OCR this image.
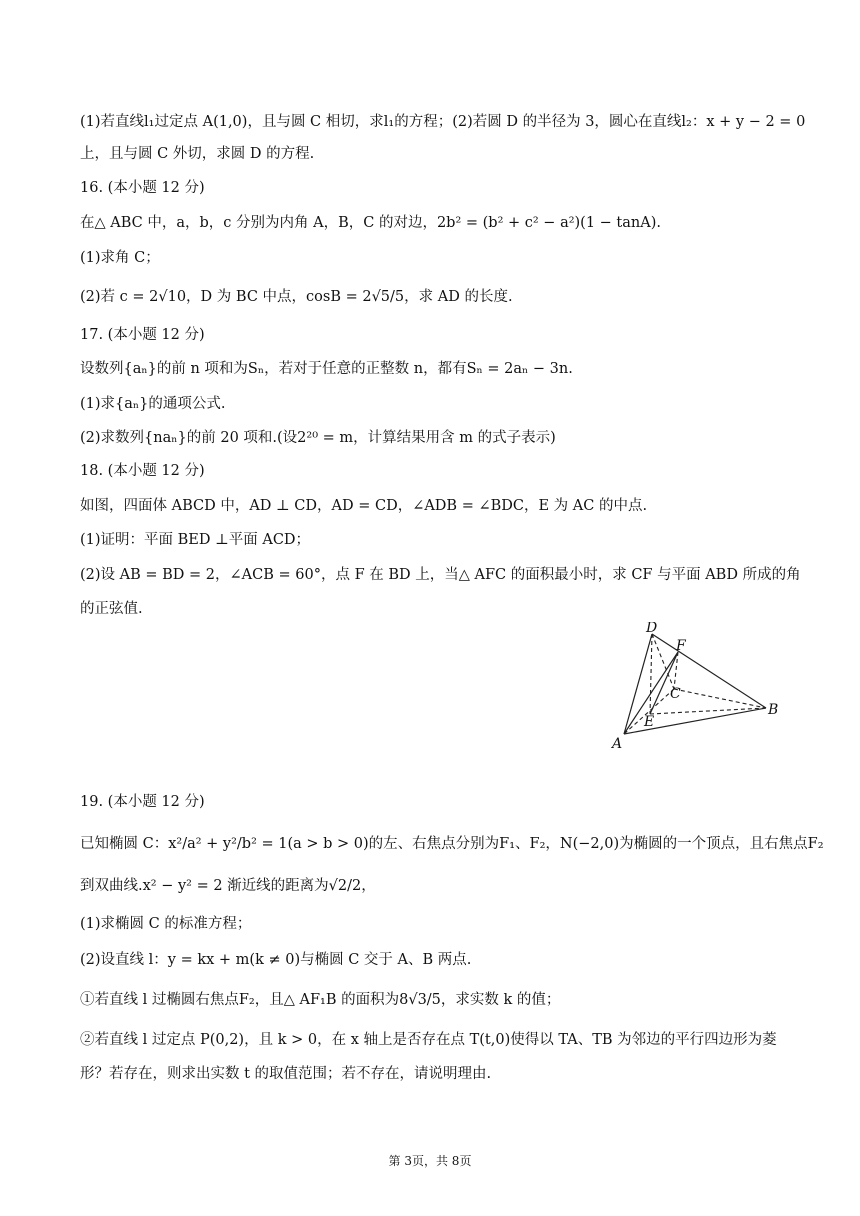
(1)若直线l₁过定点 A(1,0)，且与圆 C 相切，求l₁的方程；(2)若圆 D 的半径为 3，圆心在直线l₂：x + y − 2 = 0
上，且与圆 C 外切，求圆 D 的方程.
16. (本小题 12 分)
在△ ABC 中，a，b，c 分别为内角 A，B，C 的对边，2b² = (b² + c² − a²)(1 − tanA).
(1)求角 C；
(2)若 c = 2√10，D 为 BC 中点，cosB = 2√5/5，求 AD 的长度.
17. (本小题 12 分)
设数列{aₙ}的前 n 项和为Sₙ，若对于任意的正整数 n，都有Sₙ = 2aₙ − 3n.
(1)求{aₙ}的通项公式.
(2)求数列{naₙ}的前 20 项和.(设2²⁰ = m，计算结果用含 m 的式子表示)
18. (本小题 12 分)
如图，四面体 ABCD 中，AD ⊥ CD，AD = CD，∠ADB = ∠BDC，E 为 AC 的中点.
(1)证明：平面 BED ⊥平面 ACD；
(2)设 AB = BD = 2，∠ACB = 60°，点 F 在 BD 上，当△ AFC 的面积最小时，求 CF 与平面 ABD 所成的角
的正弦值.
D
F
C
E
A
B
19. (本小题 12 分)
已知椭圆 C：x²/a² + y²/b² = 1(a > b > 0)的左、右焦点分别为F₁、F₂，N(−2,0)为椭圆的一个顶点，且右焦点F₂
到双曲线.x² − y² = 2 渐近线的距离为√2/2，
(1)求椭圆 C 的标准方程；
(2)设直线 l：y = kx + m(k ≠ 0)与椭圆 C 交于 A、B 两点.
①若直线 l 过椭圆右焦点F₂，且△ AF₁B 的面积为8√3/5，求实数 k 的值；
②若直线 l 过定点 P(0,2)，且 k > 0，在 x 轴上是否存在点 T(t,0)使得以 TA、TB 为邻边的平行四边形为菱
形？若存在，则求出实数 t 的取值范围；若不存在，请说明理由.
第 3页，共 8页
